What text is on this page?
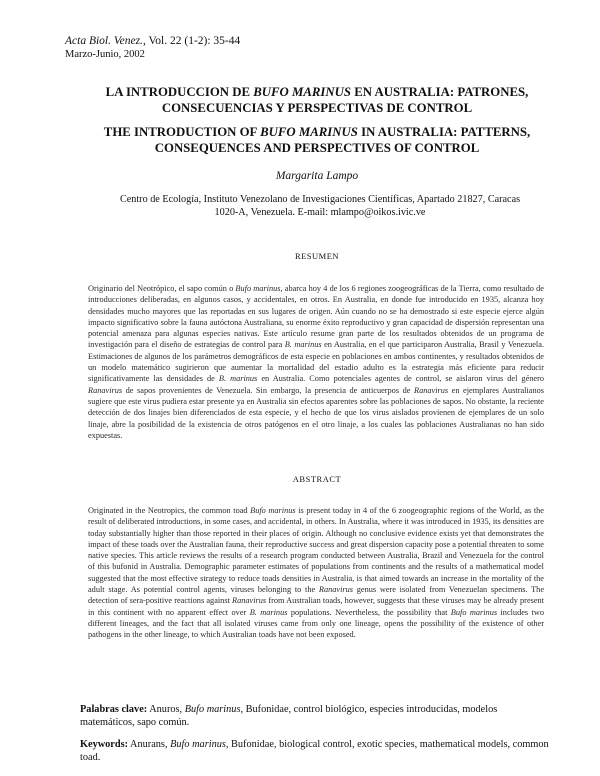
Acta Biol. Venez., Vol. 22 (1-2): 35-44
Marzo-Junio, 2002
LA INTRODUCCION DE BUFO MARINUS EN AUSTRALIA: PATRONES, CONSECUENCIAS Y PERSPECTIVAS DE CONTROL
THE INTRODUCTION OF BUFO MARINUS IN AUSTRALIA: PATTERNS, CONSEQUENCES AND PERSPECTIVES OF CONTROL
Margarita Lampo
Centro de Ecología, Instituto Venezolano de Investigaciones Científicas, Apartado 21827, Caracas 1020-A, Venezuela. E-mail: mlampo@oikos.ivic.ve
RESUMEN
Originario del Neotrópico, el sapo común o Bufo marinus, abarca hoy 4 de los 6 regiones zoogeográficas de la Tierra, como resultado de introducciones deliberadas, en algunos casos, y accidentales, en otros. En Australia, en donde fue introducido en 1935, alcanza hoy densidades mucho mayores que las reportadas en sus lugares de origen. Aún cuando no se ha demostrado si este especie ejerce algún impacto significativo sobre la fauna autóctona Australiana, su enorme éxito reproductivo y gran capacidad de dispersión representan una potencial amenaza para algunas especies nativas. Este artículo resume gran parte de los resultados obtenidos de un programa de investigación para el diseño de estrategias de control para B. marinus en Australia, en el que participaron Australia, Brasil y Venezuela. Estimaciones de algunos de los parámetros demográficos de esta especie en poblaciones en ambos continentes, y resultados obtenidos de un modelo matemático sugirieron que aumentar la mortalidad del estadio adulto es la estrategia más eficiente para reducir significativamente las densidades de B. marinus en Australia. Como potenciales agentes de control, se aislaron virus del género Ranavirus de sapos provenientes de Venezuela. Sin embargo, la presencia de anticuerpos de Ranavirus en ejemplares Australianos sugiere que este virus pudiera estar presente ya en Australia sin efectos aparentes sobre las poblaciones de sapos. No obstante, la reciente detección de dos linajes bien diferenciados de esta especie, y el hecho de que los virus aislados provienen de ejemplares de un solo linaje, abre la posibilidad de la existencia de otros patógenos en el otro linaje, a los cuales las poblaciones Australianas no han sido expuestas.
ABSTRACT
Originated in the Neotropics, the common toad Bufo marinus is present today in 4 of the 6 zoogeographic regions of the World, as the result of deliberated introductions, in some cases, and accidental, in others. In Australia, where it was introduced in 1935, its densities are today substantially higher than those reported in their places of origin. Although no conclusive evidence exists yet that demonstrates the impact of these toads over the Australian fauna, their reproductive success and great dispersion capacity pose a potential threaten to some native species. This article reviews the results of a research program conducted between Australia, Brazil and Venezuela for the control of this bufonid in Australia. Demographic parameter estimates of populations from continents and the results of a mathematical model suggested that the most effective strategy to reduce toads densities in Australia, is that aimed towards an increase in the mortality of the adult stage. As potential control agents, viruses belonging to the Ranavirus genus were isolated from Venezuelan specimens. The detection of sera-positive reactions against Ranavirus from Australian toads, however, suggests that these viruses may be already present in this continent with no apparent effect over B. marinus populations. Nevertheless, the possibility that Bufo marinus includes two different lineages, and the fact that all isolated viruses came from only one lineage, opens the possibility of the existence of other pathogens in the other lineage, to which Australian toads have not been exposed.
Palabras clave: Anuros, Bufo marinus, Bufonidae, control biológico, especies introducidas, modelos matemáticos, sapo común.
Keywords: Anurans, Bufo marinus, Bufonidae, biological control, exotic species, mathematical models, common toad.
